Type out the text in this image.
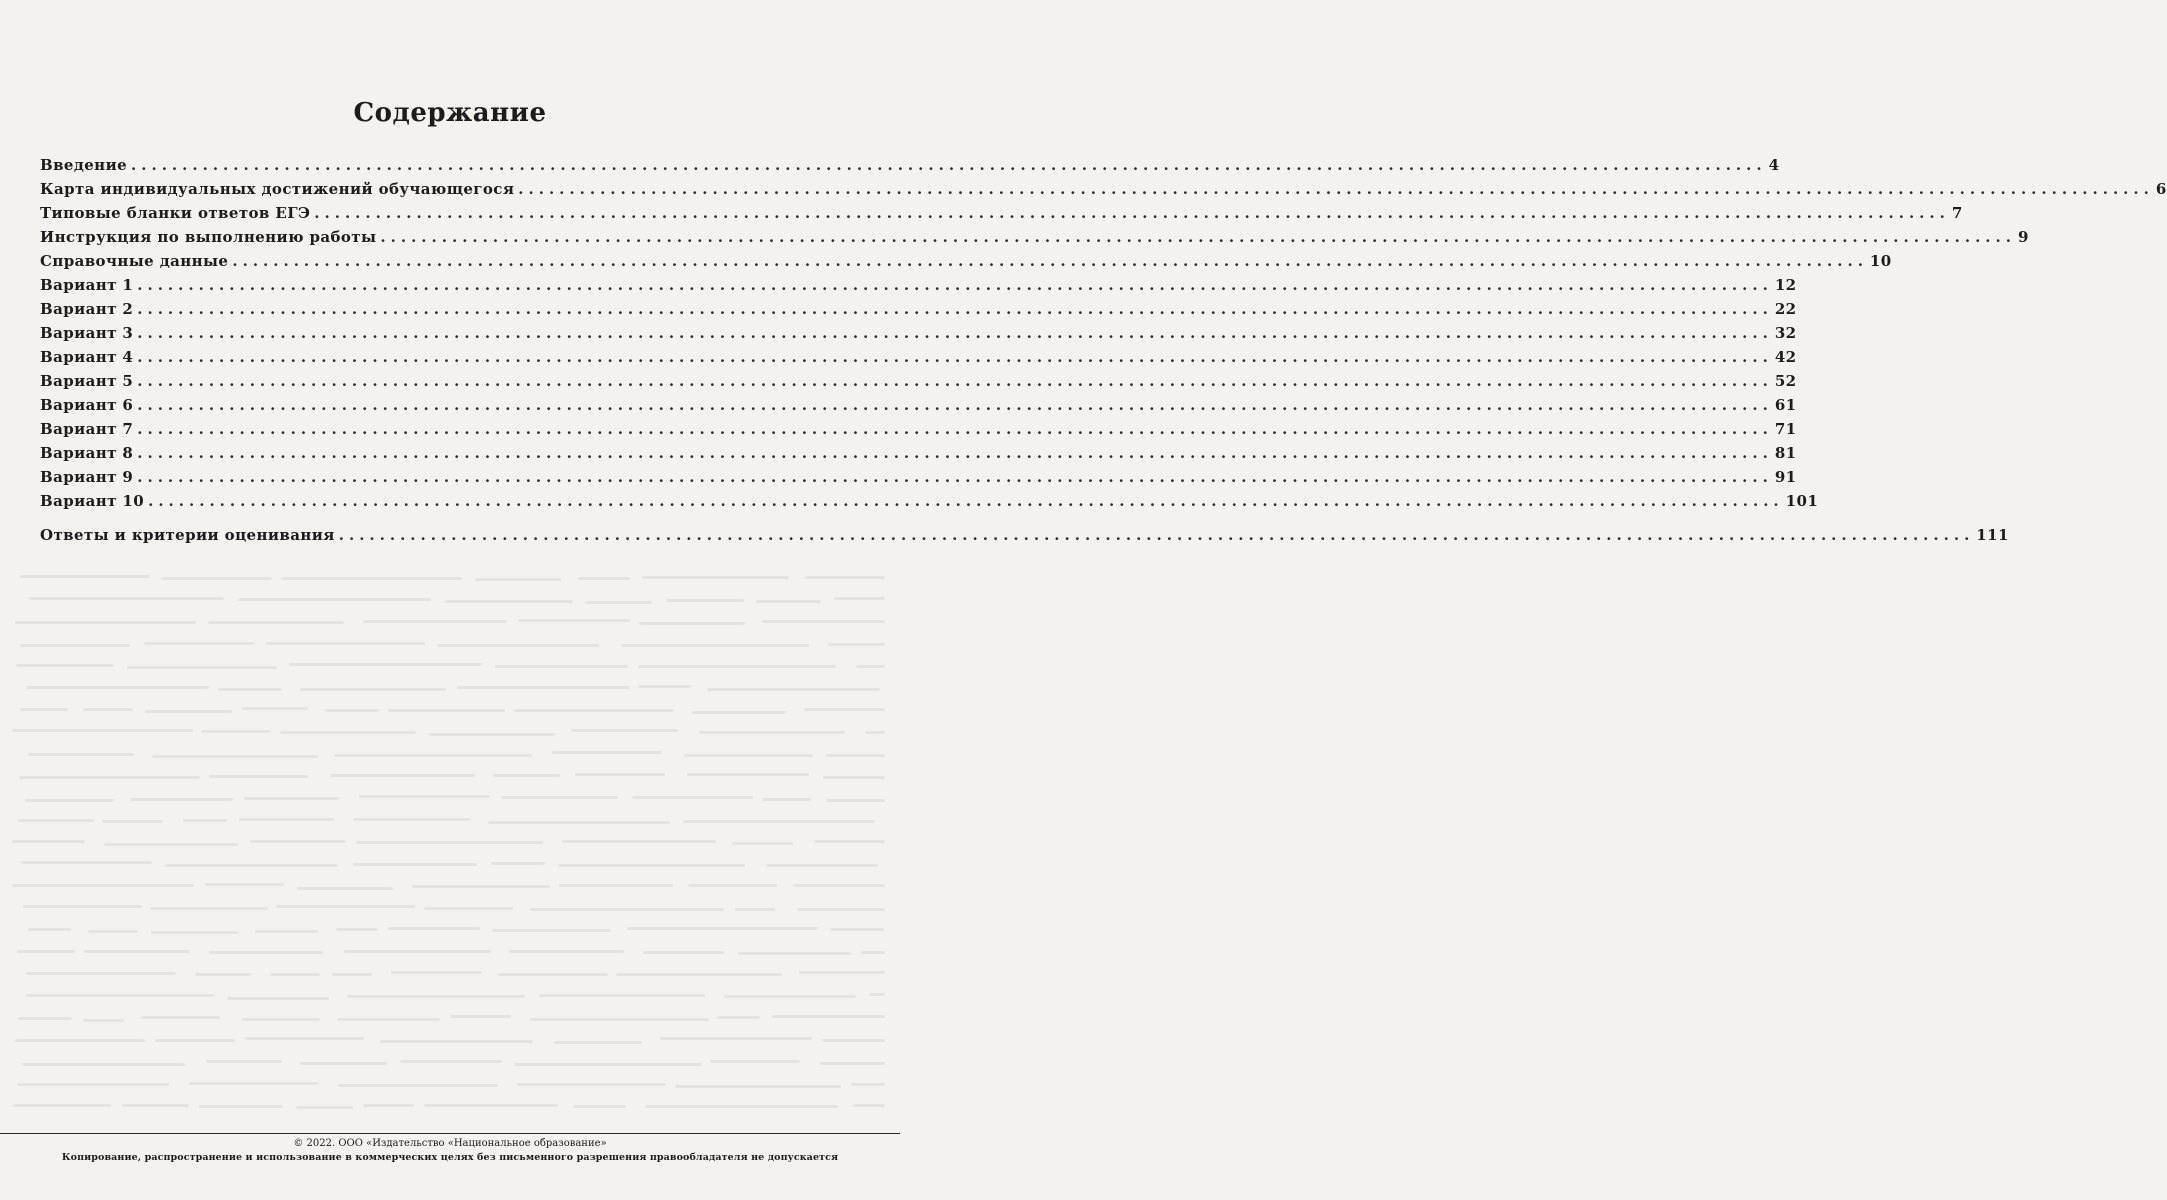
Содержание
Введение ................................................................................................................................................................ 4
Карта индивидуальных достижений обучающегося ................................................................................................................................................................ 6
Типовые бланки ответов ЕГЭ ................................................................................................................................................................ 7
Инструкция по выполнению работы ................................................................................................................................................................ 9
Справочные данные ................................................................................................................................................................ 10
Вариант 1 ................................................................................................................................................................ 12
Вариант 2 ................................................................................................................................................................ 22
Вариант 3 ................................................................................................................................................................ 32
Вариант 4 ................................................................................................................................................................ 42
Вариант 5 ................................................................................................................................................................ 52
Вариант 6 ................................................................................................................................................................ 61
Вариант 7 ................................................................................................................................................................ 71
Вариант 8 ................................................................................................................................................................ 81
Вариант 9 ................................................................................................................................................................ 91
Вариант 10 ................................................................................................................................................................ 101
Ответы и критерии оценивания ................................................................................................................................................................ 111
© 2022. ООО «Издательство «Национальное образование»
Копирование, распространение и использование в коммерческих целях без письменного разрешения правообладателя не допускается
